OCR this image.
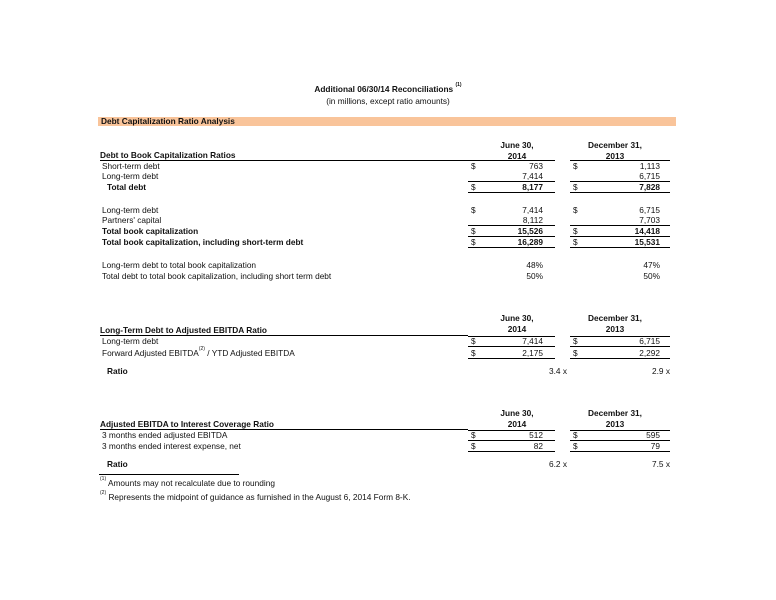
Additional 06/30/14 Reconciliations $^{(1)}$
(in millions, except ratio amounts)
Debt Capitalization Ratio Analysis
June 30,
2014
December 31,
2013
Debt to Book Capitalization Ratios
Short-term debt	$	763	$	1,113
Long-term debt	7,414	6,715
Total debt	$	8,177	$	7,828
Long-term debt	$	7,414	$	6,715
Partners' capital	8,112	7,703
Total book capitalization	$	15,526	$	14,418
Total book capitalization, including short-term debt	$	16,289	$	15,531
Long-term debt to total book capitalization	48%	47%
Total debt to total book capitalization, including short term debt	50%	50%
June 30,
2014
December 31,
2013
Long-Term Debt to Adjusted EBITDA Ratio
Long-term debt	$	7,414	$	6,715
Forward Adjusted EBITDA$^{(2)}$ / YTD Adjusted EBITDA	$	2,175	$	2,292
Ratio	3.4 x	2.9 x
June 30,
2014
December 31,
2013
Adjusted EBITDA to Interest Coverage Ratio
3 months ended adjusted EBITDA	$	512	$	595
3 months ended interest expense, net	$	82	$	79
Ratio	6.2 x	7.5 x
$^{(1)}$ Amounts may not recalculate due to rounding
$^{(2)}$ Represents the midpoint of guidance as furnished in the August 6, 2014 Form 8-K.
